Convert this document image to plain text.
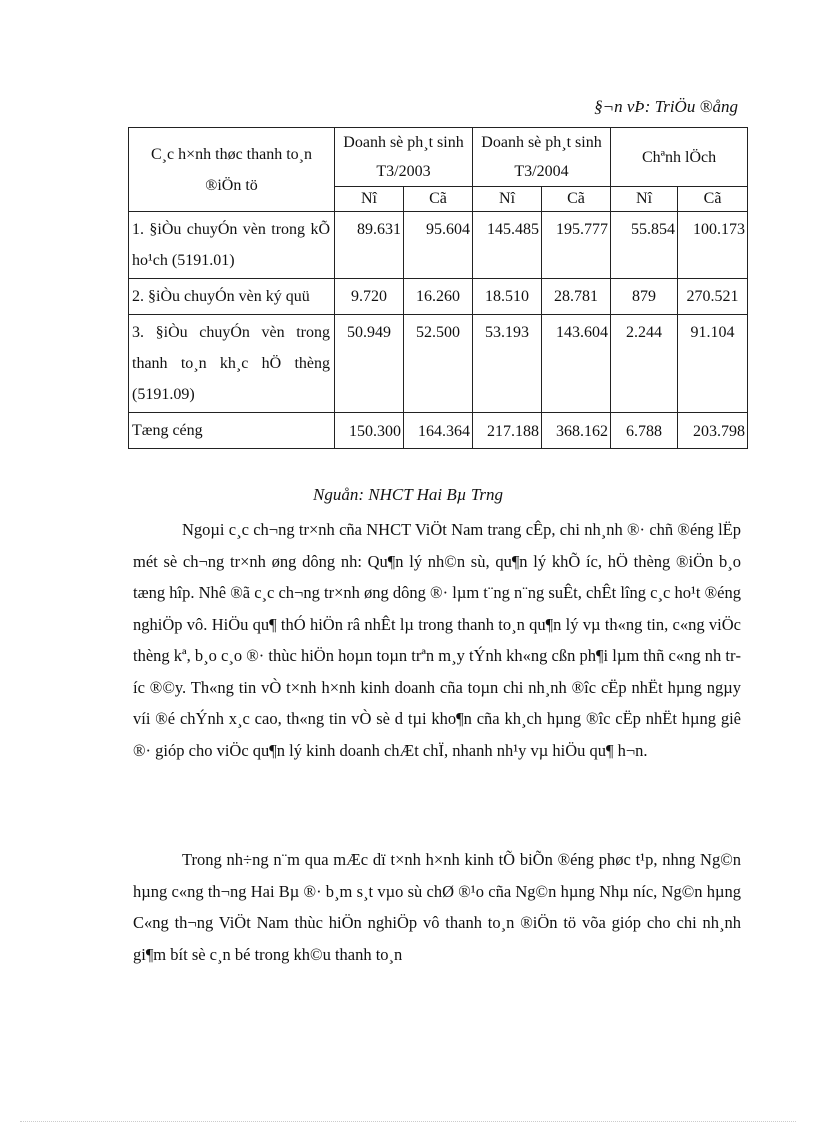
§¬n vÞ: TriÖu ®ång
C¸c h×nh thøc thanh to¸n ®iÖn tö	Doanh sè ph¸t sinh T3/2003		Doanh sè ph¸t sinh T3/2004		Chªnh lÖch	
	Nî	Cã	Nî	Cã	Nî	Cã
1. §iÒu chuyÓn vèn trong kÕ ho¹ch (5191.01)	89.631	95.604	145.485	195.777	55.854	100.173
2. §iÒu chuyÓn vèn ký quü	9.720	16.260	18.510	28.781	879	270.521
3. §iÒu chuyÓn vèn trong thanh to¸n kh¸c hÖ thèng (5191.09)	50.949	52.500	53.193	143.604	2.244	91.104
Tæng céng	150.300	164.364	217.188	368.162	6.788	203.798
Nguån: NHCT Hai Bµ Trng

Ngoµi c¸c ch¬ng tr×nh cña NHCT ViÖt Nam trang cÊp, chi nh¸nh ®· chñ ®éng lËp mét sè ch¬ng tr×nh øng dông nh: Qu¶n lý nh©n sù, qu¶n lý khÕ íc, hÖ thèng ®iÖn b¸o tæng hîp. Nhê ®ã c¸c ch¬ng tr×nh øng dông ®· lµm t¨ng n¨ng suÊt, chÊt lîng c¸c ho¹t ®éng nghiÖp vô. HiÖu qu¶ thÓ hiÖn râ nhÊt lµ trong thanh to¸n qu¶n lý vµ th«ng tin, c«ng viÖc thèng kª, b¸o c¸o ®· thùc hiÖn hoµn toµn trªn m¸y tÝnh kh«ng cßn ph¶i lµm thñ c«ng nh tríc ®©y. Th«ng tin vÒ t×nh h×nh kinh doanh cña toµn chi nh¸nh ®îc cËp nhËt hµng ngµy víi ®é chÝnh x¸c cao, th«ng tin vÒ sè d tµi kho¶n cña kh¸ch hµng ®îc cËp nhËt hµng giê ®· gióp cho viÖc qu¶n lý kinh doanh chÆt chÏ, nhanh nh¹y vµ hiÖu qu¶ h¬n.

Trong nh÷ng n¨m qua mÆc dï t×nh h×nh kinh tÕ biÕn ®éng phøc t¹p, nhng Ng©n hµng c«ng th¬ng Hai Bµ ®· b¸m s¸t vµo sù chØ ®¹o cña Ng©n hµng Nhµ níc, Ng©n hµng C«ng th¬ng ViÖt Nam thùc hiÖn nghiÖp vô thanh to¸n ®iÖn tö võa gióp cho chi nh¸nh gi¶m bít sè c¸n bé trong kh©u thanh to¸n
